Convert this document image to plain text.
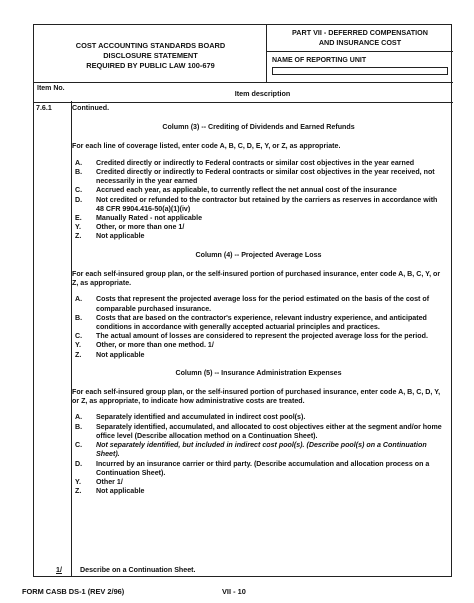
COST ACCOUNTING STANDARDS BOARD
DISCLOSURE STATEMENT
REQUIRED BY PUBLIC LAW 100-679
PART VII - DEFERRED COMPENSATION
AND INSURANCE COST
NAME OF REPORTING UNIT
Item No.
Item description
7.6.1	Continued.

Column (3) -- Crediting of Dividends and Earned Refunds

For each line of coverage listed, enter code A, B, C, D, E, Y, or Z, as appropriate.

A.	Credited directly or indirectly to Federal contracts or similar cost objectives in the year earned
B.	Credited directly or indirectly to Federal contracts or similar cost objectives in the year received, not necessarily in the year earned
C.	Accrued each year, as applicable, to currently reflect the net annual cost of the insurance
D.	Not credited or refunded to the contractor but retained by the carriers as reserves in accordance with 48 CFR 9904.416-50(a)(1)(iv)
E.	Manually Rated - not applicable
Y.	Other, or more than one 1/
Z.	Not applicable

Column (4) -- Projected Average Loss

For each self-insured group plan, or the self-insured portion of purchased insurance, enter code A, B, C, Y, or Z, as appropriate.

A.	Costs that represent the projected average loss for the period estimated on the basis of the cost of comparable purchased insurance.
B.	Costs that are based on the contractor's experience, relevant industry experience, and anticipated conditions in accordance with generally accepted actuarial principles and practices.
C.	The actual amount of losses are considered to represent the projected average loss for the period.
Y.	Other, or more than one method. 1/
Z.	Not applicable

Column (5) -- Insurance Administration Expenses

For each self-insured group plan, or the self-insured portion of purchased insurance, enter code A, B, C, D, Y, or Z, as appropriate, to indicate how administrative costs are treated.

A.	Separately identified and accumulated in indirect cost pool(s).
B.	Separately identified, accumulated, and allocated to cost objectives either at the segment and/or home office level (Describe allocation method on a Continuation Sheet).
C.	Not separately identified, but included in indirect cost pool(s). (Describe pool(s) on a Continuation Sheet).
D.	Incurred by an insurance carrier or third party. (Describe accumulation and allocation process on a Continuation Sheet).
Y.	Other 1/
Z.	Not applicable
1/	Describe on a Continuation Sheet.
FORM CASB DS-1 (REV 2/96)	VII - 10
